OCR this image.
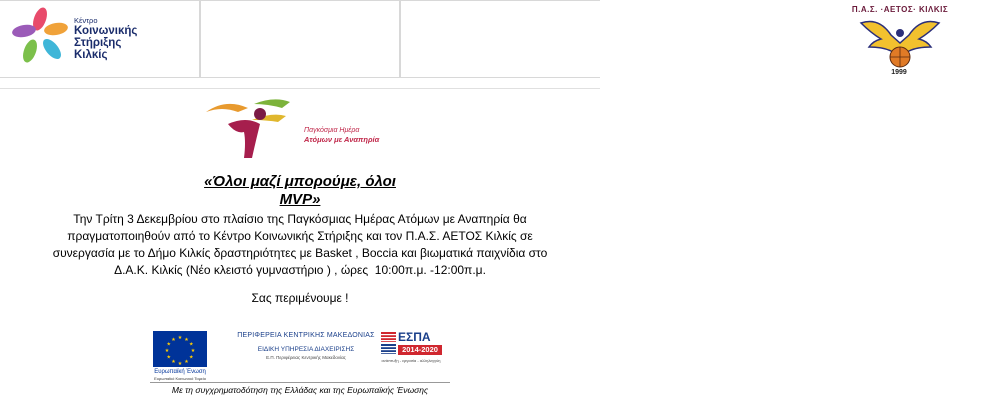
Κέντρο
Κοινωνικής
Στήριξης
Κιλκίς
Π.Α.Σ. ·ΑΕΤΟΣ· ΚΙΛΚΙΣ
1999
Παγκόσμια Ημέρα
Ατόμων με Αναπηρία
«Όλοι μαζί μπορούμε, όλοι
MVP»
Την Τρίτη 3 Δεκεμβρίου στο πλαίσιο της Παγκόσμιας Ημέρας Ατόμων με Αναπηρία θα
πραγματοποιηθούν από το Κέντρο Κοινωνικής Στήριξης και τον Π.Α.Σ. ΑΕΤΟΣ Κιλκίς σε
συνεργασία με το Δήμο Κιλκίς δραστηριότητες με Basket , Boccia και βιωματικά παιχνίδια στο
Δ.Α.Κ. Κιλκίς (Νέο κλειστό γυμναστήριο ) , ώρες  10:00π.μ. -12:00π.μ.
Σας περιμένουμε !
★ ★
★
★
★
★
★
★
★
★
★
★
Ευρωπαϊκή Ένωση
Ευρωπαϊκό Κοινωνικό Ταμείο
ΠΕΡΙΦΕΡΕΙΑ ΚΕΝΤΡΙΚΗΣ ΜΑΚΕΔΟΝΙΑΣ
ΕΙΔΙΚΗ ΥΠΗΡΕΣΙΑ ΔΙΑΧΕΙΡΙΣΗΣ
Ε.Π. Περιφέρειας Κεντρικής Μακεδονίας
ΕΣΠΑ
2014-2020
ανάπτυξη - εργασία - αλληλεγγύη
Με τη συγχρηματοδότηση της Ελλάδας και της Ευρωπαϊκής Ένωσης
